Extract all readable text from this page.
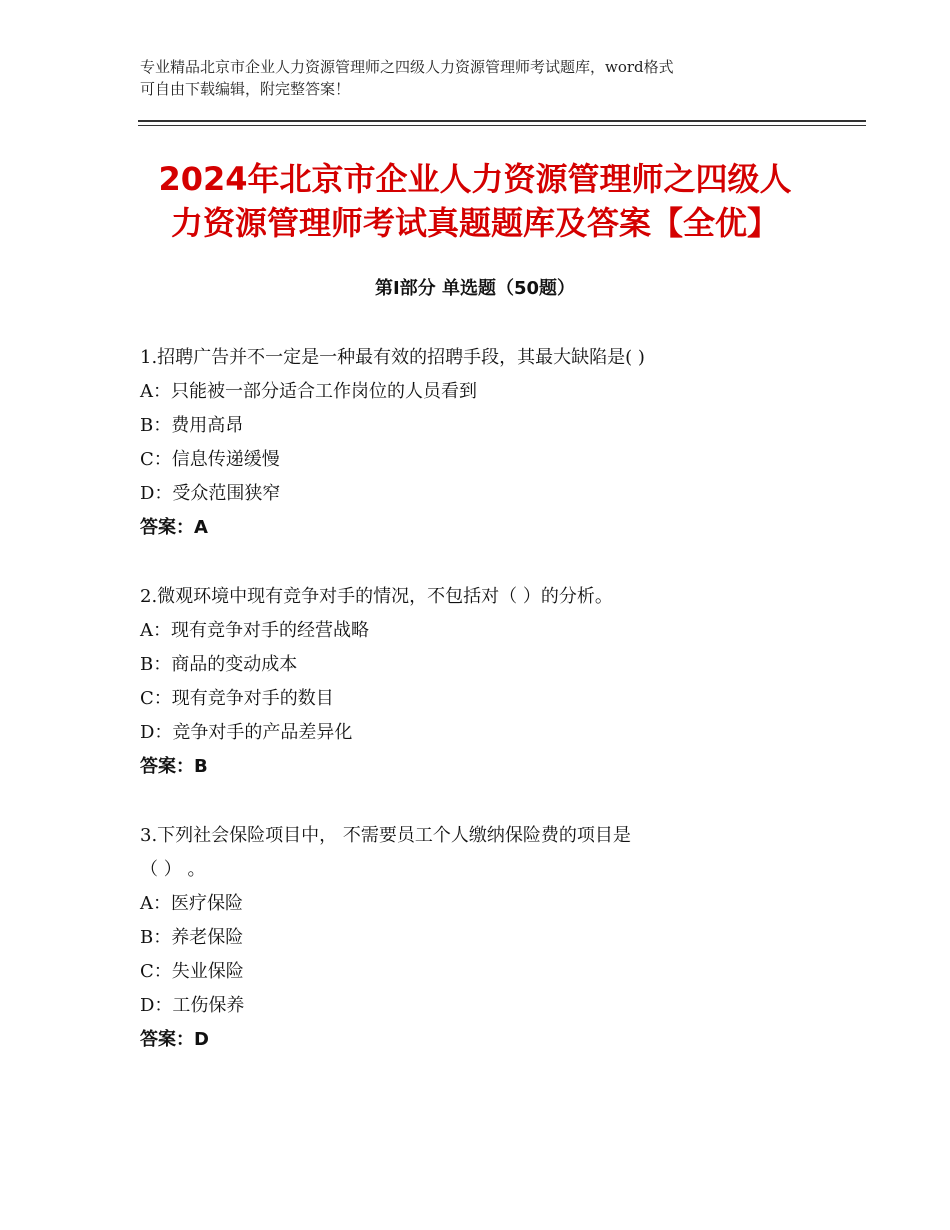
专业精品北京市企业人力资源管理师之四级人力资源管理师考试题库，word格式
可自由下载编辑，附完整答案！
2024年北京市企业人力资源管理师之四级人
力资源管理师考试真题题库及答案【全优】
第Ⅰ部分 单选题（50题）
1.招聘广告并不一定是一种最有效的招聘手段，其最大缺陷是( )
A：只能被一部分适合工作岗位的人员看到
B：费用高昂
C：信息传递缓慢
D：受众范围狭窄
答案：A
2.微观环境中现有竞争对手的情况，不包括对（ ）的分析。
A：现有竞争对手的经营战略
B：商品的变动成本
C：现有竞争对手的数目
D：竞争对手的产品差异化
答案：B
3.下列社会保险项目中， 不需要员工个人缴纳保险费的项目是
（ ） 。
A：医疗保险
B：养老保险
C：失业保险
D：工伤保养
答案：D
